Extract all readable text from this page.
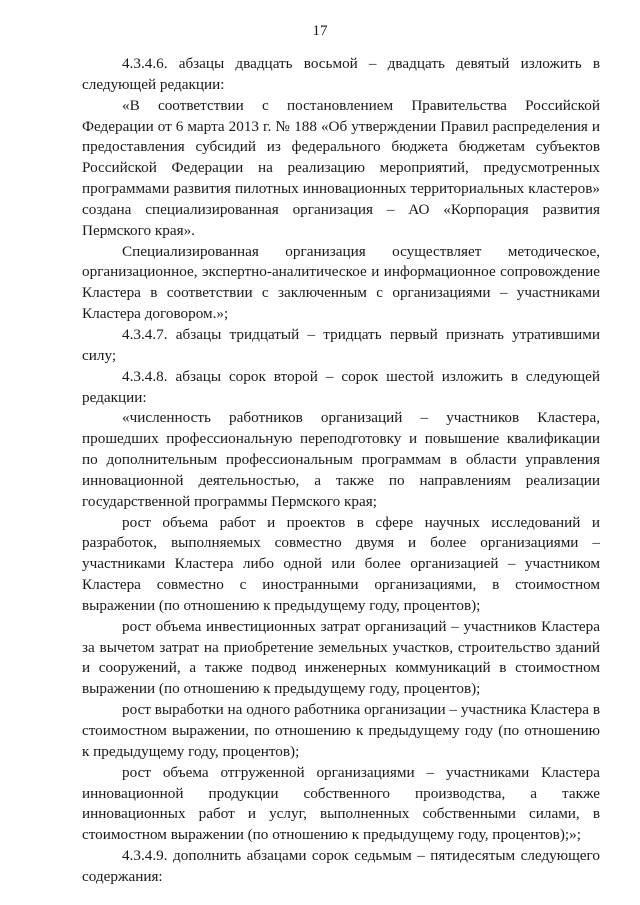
17

4.3.4.6. абзацы двадцать восьмой – двадцать девятый изложить в следующей редакции:

«В соответствии с постановлением Правительства Российской Федерации от 6 марта 2013 г. № 188 «Об утверждении Правил распределения и предоставления субсидий из федерального бюджета бюджетам субъектов Российской Федерации на реализацию мероприятий, предусмотренных программами развития пилотных инновационных территориальных кластеров» создана специализированная организация – АО «Корпорация развития Пермского края».

Специализированная организация осуществляет методическое, организационное, экспертно-аналитическое и информационное сопровождение Кластера в соответствии с заключенным с организациями – участниками Кластера договором.»;

4.3.4.7. абзацы тридцатый – тридцать первый признать утратившими силу;

4.3.4.8. абзацы сорок второй – сорок шестой изложить в следующей редакции:

«численность работников организаций – участников Кластера, прошедших профессиональную переподготовку и повышение квалификации по дополнительным профессиональным программам в области управления инновационной деятельностью, а также по направлениям реализации государственной программы Пермского края;

рост объема работ и проектов в сфере научных исследований и разработок, выполняемых совместно двумя и более организациями – участниками Кластера либо одной или более организацией – участником Кластера совместно с иностранными организациями, в стоимостном выражении (по отношению к предыдущему году, процентов);

рост объема инвестиционных затрат организаций – участников Кластера за вычетом затрат на приобретение земельных участков, строительство зданий и сооружений, а также подвод инженерных коммуникаций в стоимостном выражении (по отношению к предыдущему году, процентов);

рост выработки на одного работника организации – участника Кластера в стоимостном выражении, по отношению к предыдущему году (по отношению к предыдущему году, процентов);

рост объема отгруженной организациями – участниками Кластера инновационной продукции собственного производства, а также инновационных работ и услуг, выполненных собственными силами, в стоимостном выражении (по отношению к предыдущему году, процентов);»;

4.3.4.9. дополнить абзацами сорок седьмым – пятидесятым следующего содержания:
